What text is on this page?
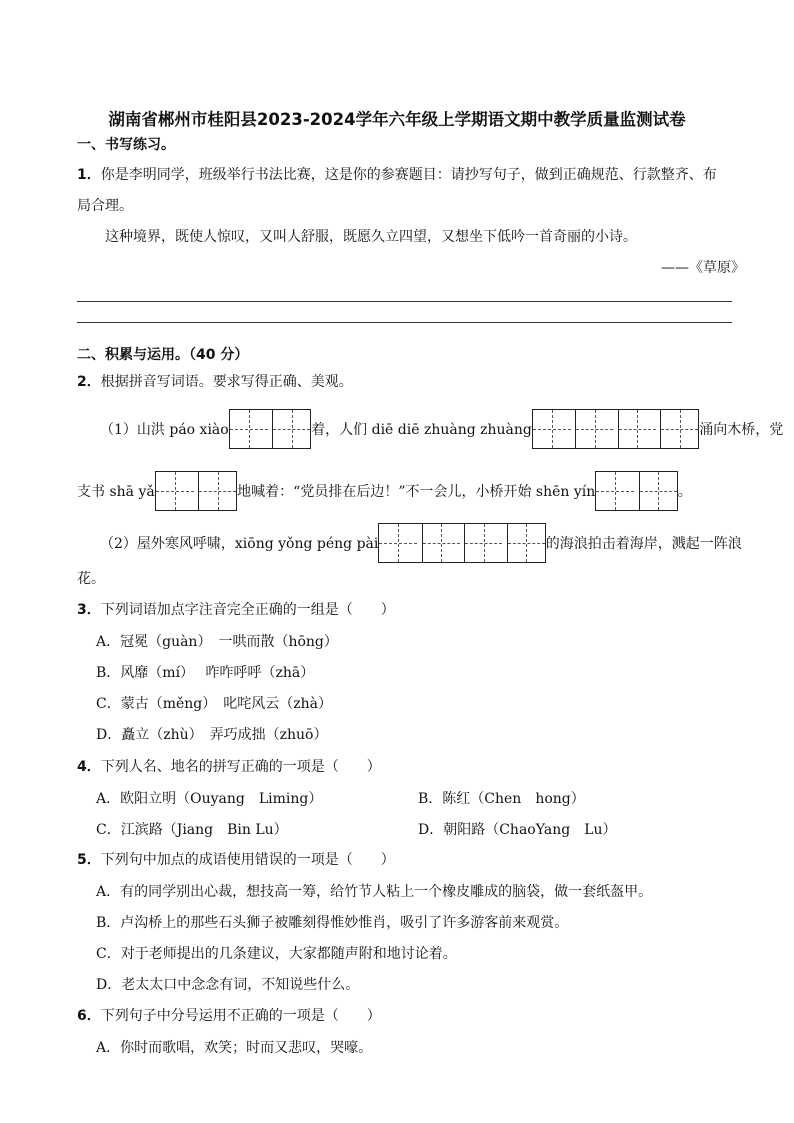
湖南省郴州市桂阳县2023-2024学年六年级上学期语文期中教学质量监测试卷
一、书写练习。
1．你是李明同学，班级举行书法比赛，这是你的参赛题目：请抄写句子，做到正确规范、行款整齐、布
局合理。
这种境界，既使人惊叹，又叫人舒服，既愿久立四望，又想坐下低吟一首奇丽的小诗。
——《草原》
二、积累与运用。（40 分）
2．根据拼音写词语。要求写得正确、美观。
（1）山洪 páo xiào
	着，人们 diē diē zhuàng zhuàng
	涌向木桥，党
支书 shā yǎ
	地喊着：“党员排在后边！”不一会儿，小桥开始 shēn yín
	。
（2）屋外寒风呼啸，xiōng yǒng péng pài
	的海浪拍击着海岸，溅起一阵浪
花。
3．下列词语加点字注音完全正确的一组是（　　）
A．冠冕（guàn）　一哄而散（hōng）
B．风靡（mí）　 咋咋呼呼（zhā）
C．蒙古（měng）　叱咤风云（zhà）
D．矗立（zhù）　弄巧成拙（zhuō）
4．下列人名、地名的拼写正确的一项是（　　）
A．欧阳立明（Ouyang　Liming）	B．陈红（Chen　hong）
C．江滨路（Jiang　Bin Lu）	D．朝阳路（ChaoYang　Lu）
5．下列句中加点的成语使用错误的一项是（　　）
A．有的同学别出心裁，想技高一筹，给竹节人粘上一个橡皮雕成的脑袋，做一套纸盔甲。
B．卢沟桥上的那些石头狮子被雕刻得惟妙惟肖，吸引了许多游客前来观赏。
C．对于老师提出的几条建议，大家都随声附和地讨论着。
D．老太太口中念念有词，不知说些什么。
6．下列句子中分号运用不正确的一项是（　　）
A．你时而歌唱，欢笑；时而又悲叹，哭嚎。
